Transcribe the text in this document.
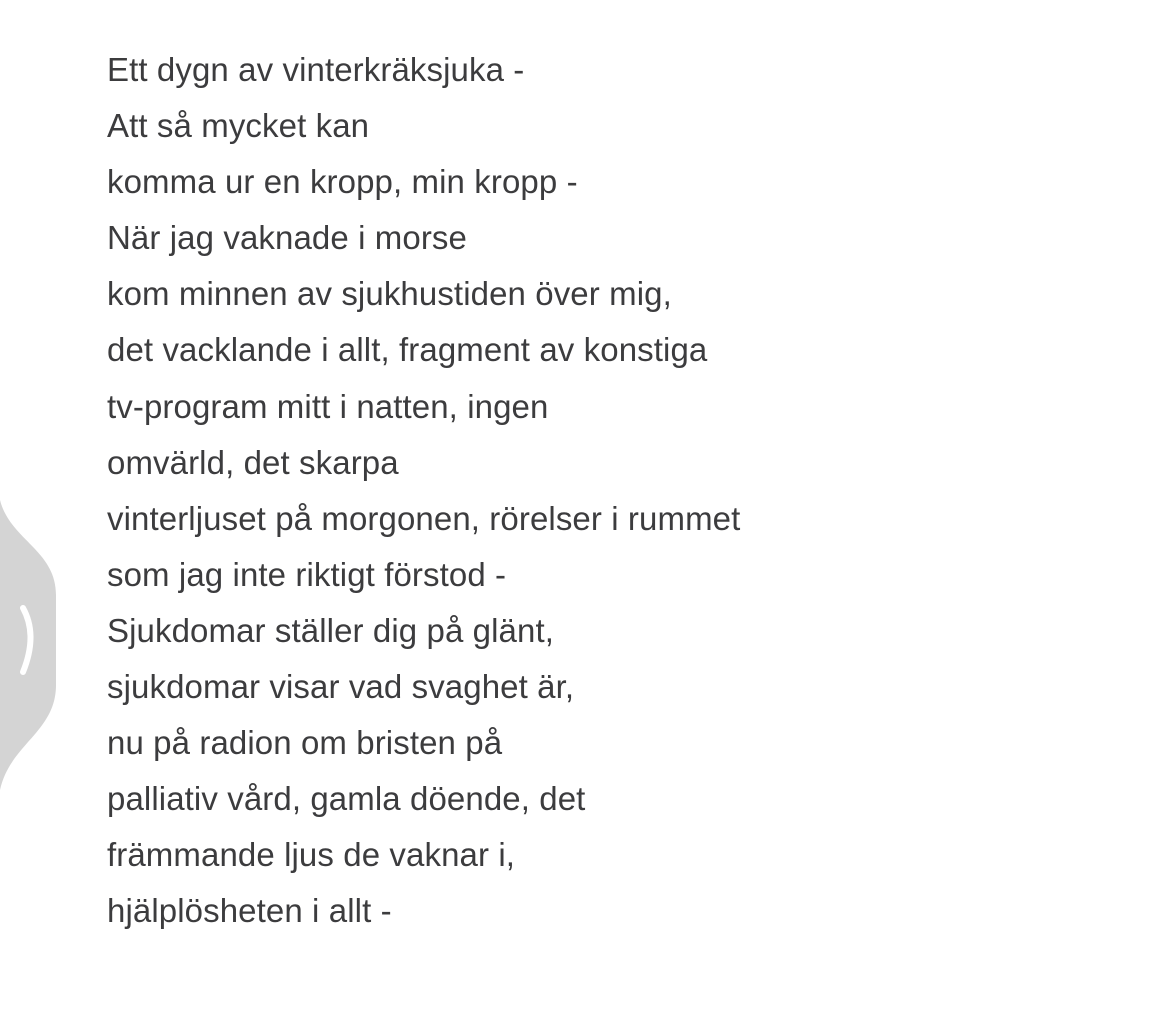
Ett dygn av vinterkräksjuka -
Att så mycket kan
komma ur en kropp, min kropp -
När jag vaknade i morse
kom minnen av sjukhustiden över mig,
det vacklande i allt, fragment av konstiga
tv-program mitt i natten, ingen
omvärld, det skarpa
vinterljuset på morgonen, rörelser i rummet
som jag inte riktigt förstod -
Sjukdomar ställer dig på glänt,
sjukdomar visar vad svaghet är,
nu på radion om bristen på
palliativ vård, gamla döende, det
främmande ljus de vaknar i,
hjälplösheten i allt -
